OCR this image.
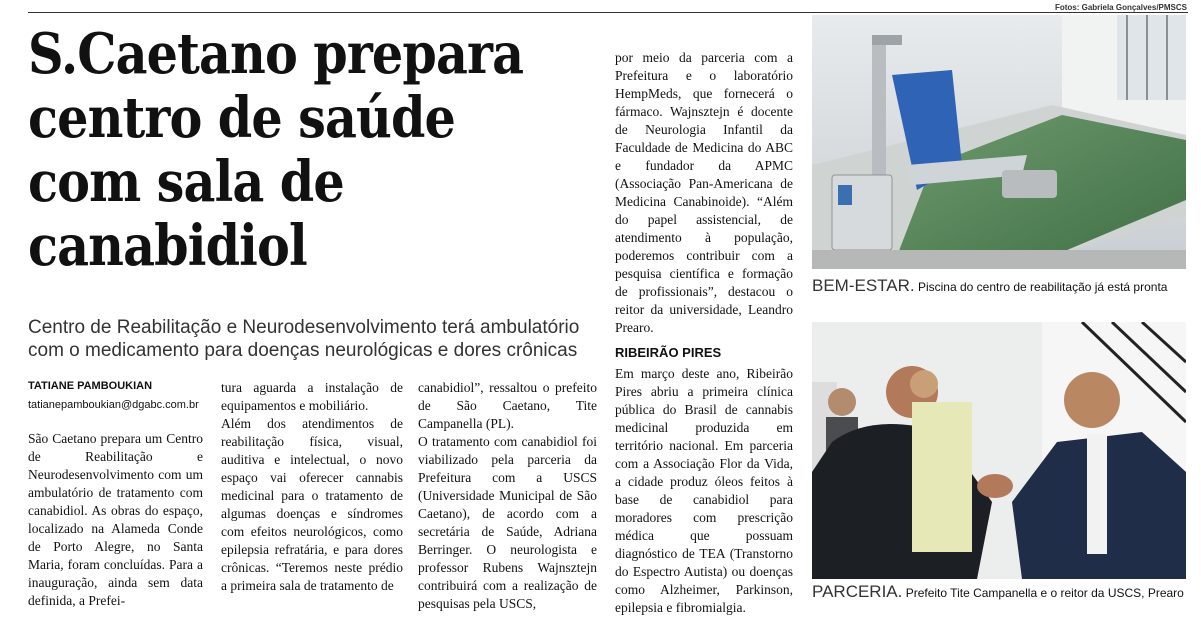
Fotos: Gabriela Gonçalves/PMSCS
S.Caetano prepara centro de saúde com sala de canabidiol

Centro de Reabilitação e Neurodesenvolvimento terá ambulatório com o medicamento para doenças neurológicas e dores crônicas

TATIANE PAMBOUKIAN
tatianepamboukian@dgabc.com.br
São Caetano prepara um Centro de Reabilitação e Neurodesenvolvimento com um ambulatório de tratamento com canabidiol. As obras do espaço, localizado na Alameda Conde de Porto Alegre, no Santa Maria, foram concluídas. Para a inauguração, ainda sem data definida, a Prefei-
tura aguarda a instalação de equipamentos e mobiliário.
Além dos atendimentos de reabilitação física, visual, auditiva e intelectual, o novo espaço vai oferecer cannabis medicinal para o tratamento de algumas doenças e síndromes com efeitos neurológicos, como epilepsia refratária, e para dores crônicas. “Teremos neste prédio a primeira sala de tratamento de
canabidiol”, ressaltou o prefeito de São Caetano, Tite Campanella (PL).
O tratamento com canabidiol foi viabilizado pela parceria da Prefeitura com a USCS (Universidade Municipal de São Caetano), de acordo com a secretária de Saúde, Adriana Berringer. O neurologista e professor Rubens Wajnsztejn contribuirá com a realização de pesquisas pela USCS,
por meio da parceria com a Prefeitura e o laboratório HempMeds, que fornecerá o fármaco. Wajnsztejn é docente de Neurologia Infantil da Faculdade de Medicina do ABC e fundador da APMC (Associação Pan-Americana de Medicina Canabinoide). “Além do papel assistencial, de atendimento à população, poderemos contribuir com a pesquisa científica e formação de profissionais”, destacou o reitor da universidade, Leandro Prearo.
RIBEIRÃO PIRES
Em março deste ano, Ribeirão Pires abriu a primeira clínica pública do Brasil de cannabis medicinal produzida em território nacional. Em parceria com a Associação Flor da Vida, a cidade produz óleos feitos à base de canabidiol para moradores com prescrição médica que possuam diagnóstico de TEA (Transtorno do Espectro Autista) ou doenças como Alzheimer, Parkinson, epilepsia e fibromialgia.
BEM-ESTAR. Piscina do centro de reabilitação já está pronta
PARCERIA. Prefeito Tite Campanella e o reitor da USCS, Prearo
